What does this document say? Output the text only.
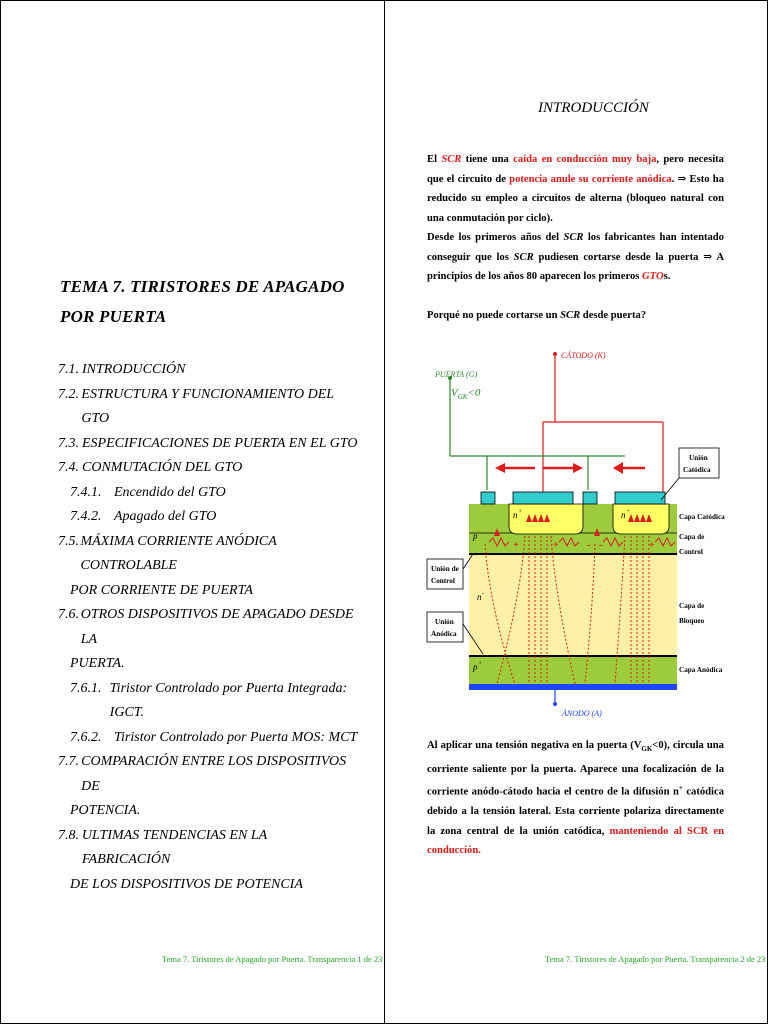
TEMA 7. TIRISTORES DE APAGADO POR PUERTA
7.1. INTRODUCCIÓN
7.2. ESTRUCTURA Y FUNCIONAMIENTO DEL GTO
7.3. ESPECIFICACIONES DE PUERTA EN EL GTO
7.4. CONMUTACIÓN DEL GTO
7.4.1. Encendido del GTO
7.4.2. Apagado del GTO
7.5. MÁXIMA CORRIENTE ANÓDICA CONTROLABLE
POR CORRIENTE DE PUERTA
7.6. OTROS DISPOSITIVOS DE APAGADO DESDE LA
PUERTA.
7.6.1. Tiristor Controlado por Puerta Integrada: IGCT.
7.6.2. Tiristor Controlado por Puerta MOS: MCT
7.7. COMPARACIÓN ENTRE LOS DISPOSITIVOS DE
POTENCIA.
7.8. ULTIMAS TENDENCIAS EN LA FABRICACIÓN
DE LOS DISPOSITIVOS DE POTENCIA
Tema 7. Tiristores de Apagado por Puerta. Transparencia 1 de 23
INTRODUCCIÓN
El SCR tiene una caída en conducción muy baja, pero necesita que el circuito de potencia anule su corriente anódica. ⇒ Esto ha reducido su empleo a circuitos de alterna (bloqueo natural con una conmutación por ciclo).
Desde los primeros años del SCR los fabricantes han intentado conseguir que los SCR pudiesen cortarse desde la puerta ⇒ A principios de los años 80 aparecen los primeros GTOs.
Porqué no puede cortarse un SCR desde puerta?
+	+	- -	+
p
n -
p +
n +	n +
CÁTODO (K)
PUERTA (G)
$V_{GK}<0$
ÁNODO (A)
Unión
Catódica
Capa Catódica
Capa de
Control
Unión de
Control
Unión
Anódica
Capa de
Bloqueo
Capa Anódica
Al aplicar una tensión negativa en la puerta $(V_{GK}<0)$, circula una corriente saliente por la puerta. Aparece una focalización de la corriente anódo-cátodo hacia el centro de la difusión n+ catódica debido a la tensión lateral. Esta corriente polariza directamente la zona central de la unión catódica, manteniendo al SCR en conducción.
Tema 7. Tiristores de Apagado por Puerta. Transparencia 2 de 23
